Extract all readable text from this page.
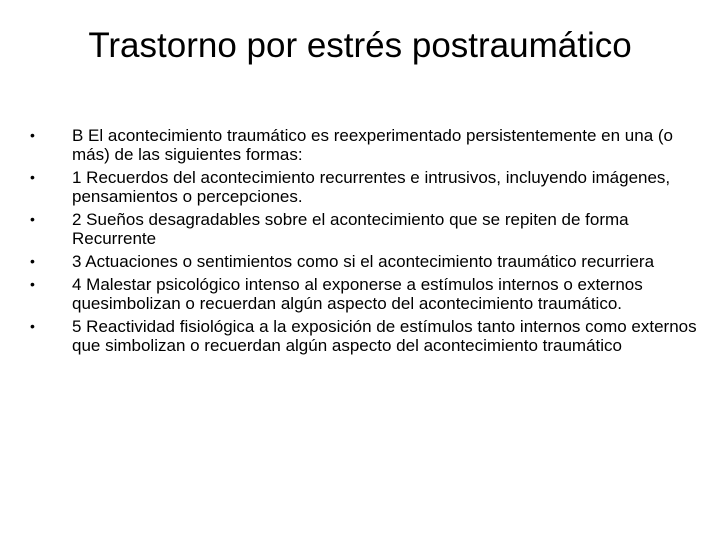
Trastorno por estrés postraumático
•	B El acontecimiento traumático es reexperimentado persistentemente en una (o más) de las siguientes formas:
•	1 Recuerdos del acontecimiento recurrentes e intrusivos, incluyendo imágenes, pensamientos o percepciones.
•	2 Sueños desagradables sobre el acontecimiento que se repiten de forma Recurrente
•	3 Actuaciones o sentimientos como si el acontecimiento traumático recurriera
•	4 Malestar psicológico intenso al exponerse a estímulos internos o externos quesimbolizan o recuerdan algún aspecto del acontecimiento traumático.
•	5 Reactividad fisiológica a la exposición de estímulos tanto internos como externos que simbolizan o recuerdan algún aspecto del acontecimiento traumático
